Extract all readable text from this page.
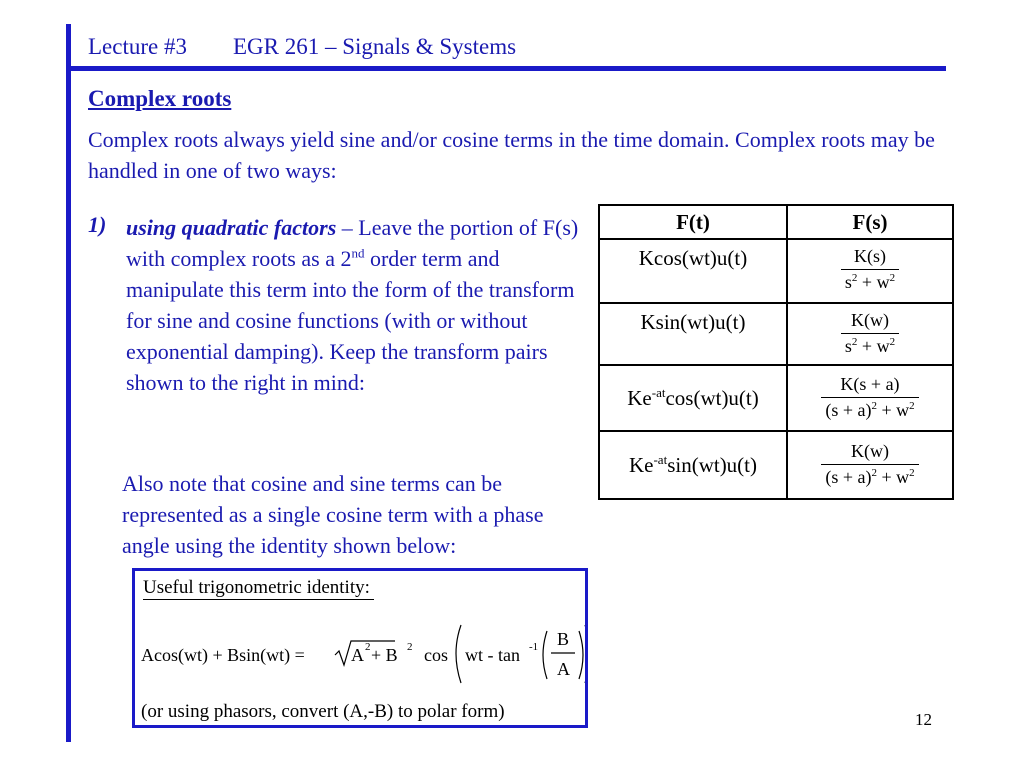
Lecture #3 EGR 261 – Signals & Systems
Complex roots
Complex roots always yield sine and/or cosine terms in the time domain. Complex roots may be handled in one of two ways:
1) using quadratic factors – Leave the portion of F(s) with complex roots as a 2nd order term and manipulate this term into the form of the transform for sine and cosine functions (with or without exponential damping). Keep the transform pairs shown to the right in mind:
Also note that cosine and sine terms can be represented as a single cosine term with a phase angle using the identity shown below:
F(t)	F(s)
Kcos(wt)u(t)	$\frac{K(s)}{s^2 + w^2}$

Ksin(wt)u(t)	$\frac{K(w)}{s^2 + w^2}$

$Ke^{-at}\cos(wt)u(t)$	$\frac{K(s + a)}{(s + a)^2 + w^2}$

$Ke^{-at}\sin(wt)u(t)$	$\frac{K(w)}{(s + a)^2 + w^2}$
Useful trigonometric identity:
Acos(wt) + Bsin(wt) =	A 2 + B 2 cos wt - tan -1 B
A
(or using phasors, convert (A,-B) to polar form)	12
